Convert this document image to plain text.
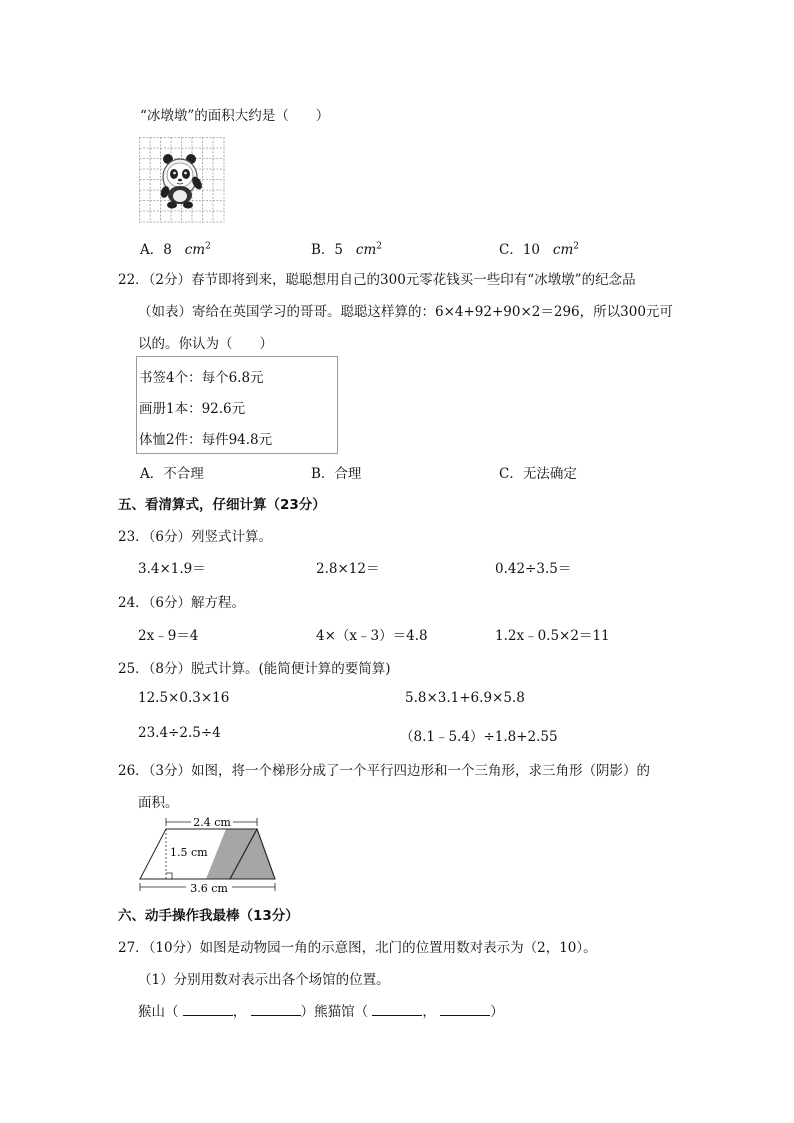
“冰墩墩”的面积大约是（　　）
A．8 $cm^2$	B．5 $cm^2$	C．10 $cm^2$
22．（2分）春节即将到来，聪聪想用自己的300元零花钱买一些印有“冰墩墩”的纪念品
（如表）寄给在英国学习的哥哥。聪聪这样算的：6×4+92+90×2＝296，所以300元可
以的。你认为（　　）
书签4个：每个6.8元
画册1本：92.6元
体恤2件：每件94.8元
A．不合理	B．合理	C．无法确定
五、看清算式，仔细计算（23分）
23．（6分）列竖式计算。
3.4×1.9＝	2.8×12＝	0.42÷3.5＝
24．（6分）解方程。
2x﹣9＝4	4×（x﹣3）＝4.8	1.2x﹣0.5×2＝11
25．（8分）脱式计算。(能简便计算的要简算)
12.5×0.3×16	5.8×3.1+6.9×5.8
23.4÷2.5÷4	（8.1﹣5.4）÷1.8+2.55
26．（3分）如图，将一个梯形分成了一个平行四边形和一个三角形，求三角形（阴影）的
面积。
2.4 cm
1.5 cm
3.6 cm
六、动手操作我最棒（13分）
27．（10分）如图是动物园一角的示意图，北门的位置用数对表示为（2，10）。
（1）分别用数对表示出各个场馆的位置。
猴山（	，	）熊猫馆（	，	）
